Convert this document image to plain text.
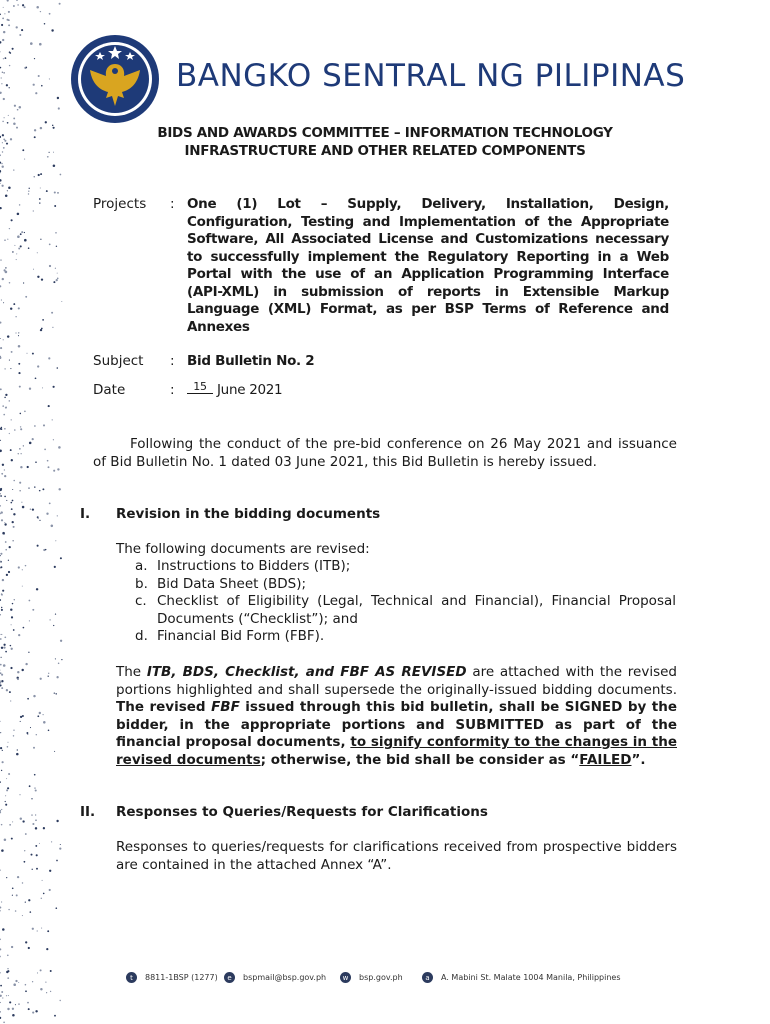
BANGKO SENTRAL NG PILIPINAS
BIDS AND AWARDS COMMITTEE – INFORMATION TECHNOLOGY
INFRASTRUCTURE AND OTHER RELATED COMPONENTS
Projects	: One (1) Lot – Supply, Delivery, Installation, Design, Configuration, Testing and Implementation of the Appropriate Software, All Associated License and Customizations necessary to successfully implement the Regulatory Reporting in a Web Portal with the use of an Application Programming Interface (API-XML) in submission of reports in Extensible Markup Language (XML) Format, as per BSP Terms of Reference and Annexes
Subject	: Bid Bulletin No. 2
Date	:	15 June 2021
Following the conduct of the pre-bid conference on 26 May 2021 and issuance of Bid Bulletin No. 1 dated 03 June 2021, this Bid Bulletin is hereby issued.
I. Revision in the bidding documents
The following documents are revised:
a. Instructions to Bidders (ITB);
b. Bid Data Sheet (BDS);
c. Checklist of Eligibility (Legal, Technical and Financial), Financial Proposal Documents (“Checklist”); and
d. Financial Bid Form (FBF).
The ITB, BDS, Checklist, and FBF AS REVISED are attached with the revised portions highlighted and shall supersede the originally-issued bidding documents. The revised FBF issued through this bid bulletin, shall be SIGNED by the bidder, in the appropriate portions and SUBMITTED as part of the financial proposal documents, to signify conformity to the changes in the revised documents; otherwise, the bid shall be consider as “FAILED”.
II. Responses to Queries/Requests for Clarifications
Responses to queries/requests for clarifications received from prospective bidders are contained in the attached Annex “A”.
t	8811-1BSP (1277)	e	bspmail@bsp.gov.ph	w	bsp.gov.ph	a	A. Mabini St. Malate 1004 Manila, Philippines
